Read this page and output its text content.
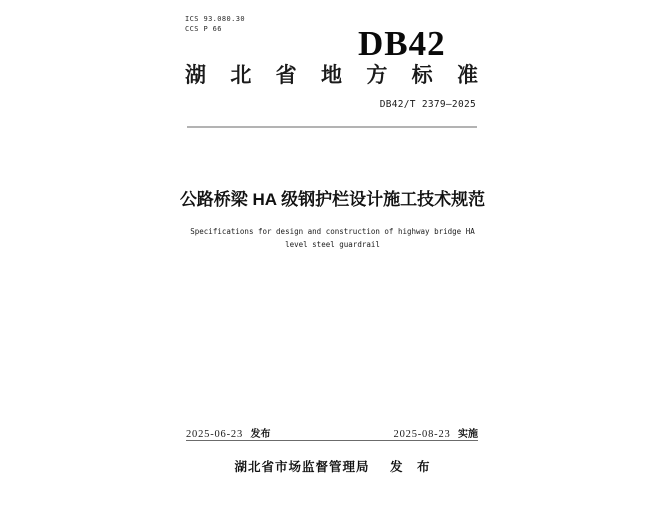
ICS 93.080.30
CCS P 66	DB42
湖 北 省 地 方 标 准
DB42/T 2379—2025
公路桥梁 HA 级钢护栏设计施工技术规范
Specifications for design and construction of highway bridge HA
level steel guardrail
2025-06-23 发布	2025-08-23 实施
湖北省市场监督管理局 发　布
